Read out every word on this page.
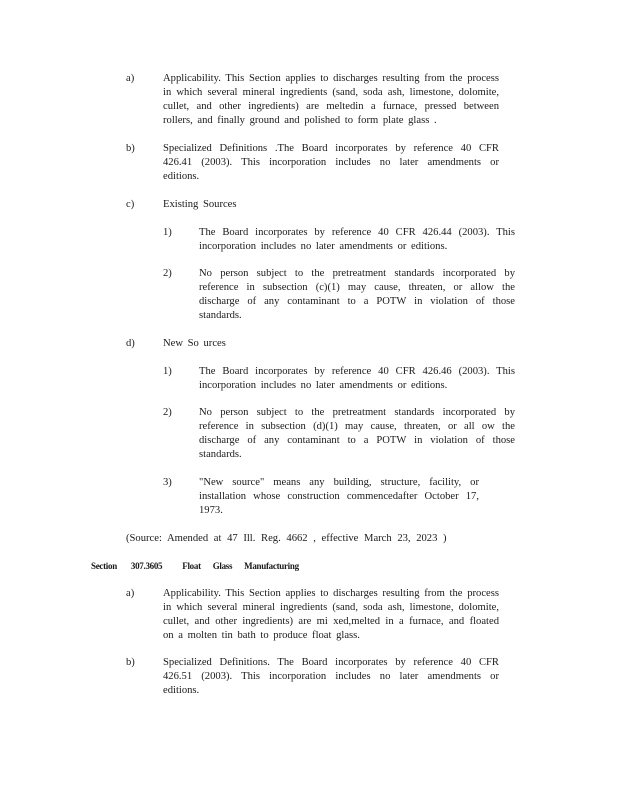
a)	Applicability. This Section applies to discharges resulting from the process in which several mineral ingredients (sand, soda ash, limestone, dolomite, cullet, and other ingredients) are meltedin a furnace, pressed between rollers, and finally ground and polished to form plate glass .
b)	Specialized Definitions .The Board incorporates by reference 40 CFR 426.41 (2003). This incorporation includes no later amendments or editions.
c)	Existing Sources
1)	The Board incorporates by reference 40 CFR 426.44 (2003). This incorporation includes no later amendments or editions.
2)	No person subject to the pretreatment standards incorporated by reference in subsection (c)(1) may cause, threaten, or allow the discharge of any contaminant to a POTW in violation of those standards.
d)	New So urces
1)	The Board incorporates by reference 40 CFR 426.46 (2003). This incorporation includes no later amendments or editions.
2)	No person subject to the pretreatment standards incorporated by reference in subsection (d)(1) may cause, threaten, or all ow the discharge of any contaminant to a POTW in violation of those standards.
3)	"New source" means any building, structure, facility, or installation whose construction commencedafter October 17, 1973.
(Source: Amended at 47 Ill. Reg. 4662 , effective March 23, 2023 )
Section 307.3605 Float Glass Manufacturing
a)	Applicability. This Section applies to discharges resulting from the process in which several mineral ingredients (sand, soda ash, limestone, dolomite, cullet, and other ingredients) are mi xed,melted in a furnace, and floated on a molten tin bath to produce float glass.
b)	Specialized Definitions. The Board incorporates by reference 40 CFR 426.51 (2003). This incorporation includes no later amendments or editions.
